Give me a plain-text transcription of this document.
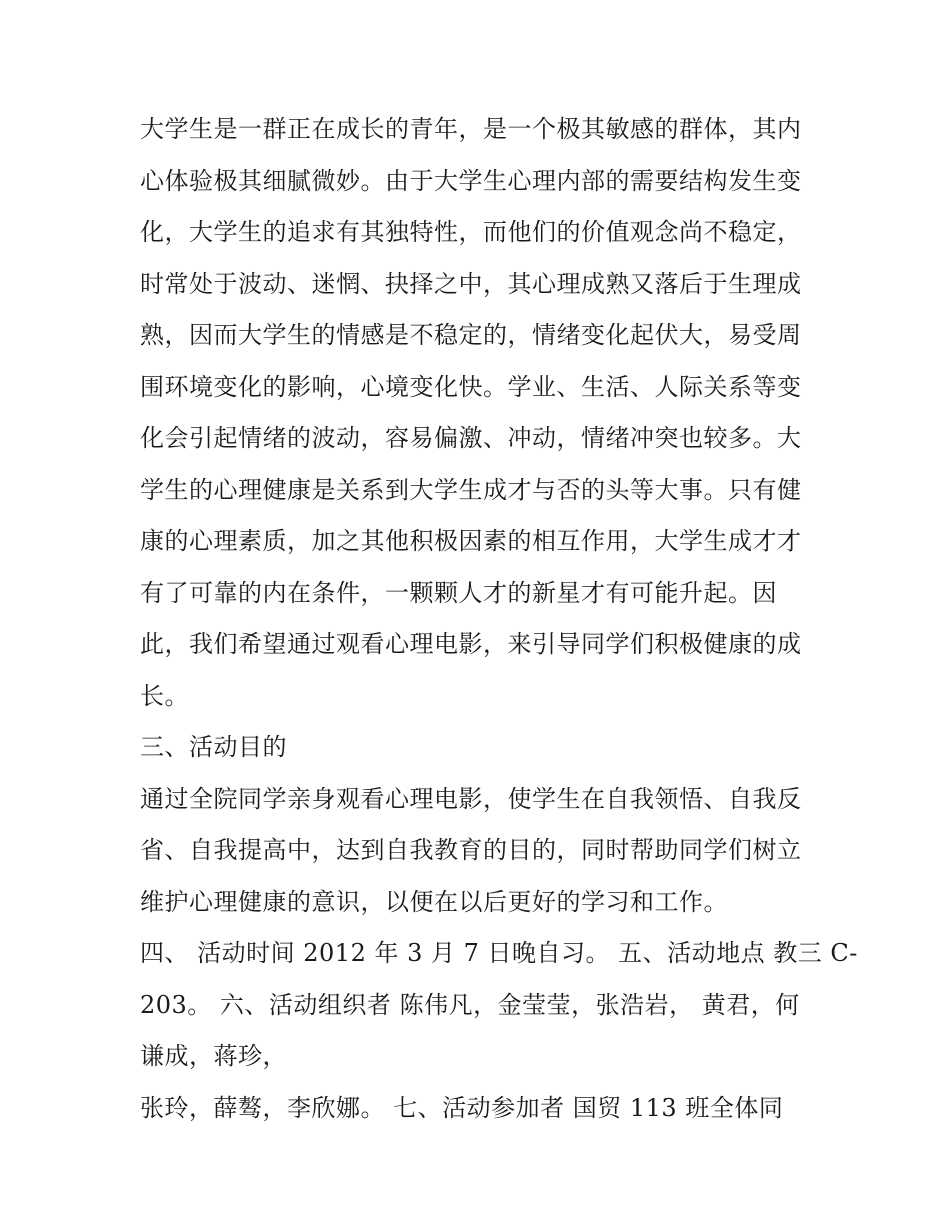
大学生是一群正在成长的青年，是一个极其敏感的群体，其内
心体验极其细腻微妙。由于大学生心理内部的需要结构发生变
化，大学生的追求有其独特性，而他们的价值观念尚不稳定，
时常处于波动、迷惘、抉择之中，其心理成熟又落后于生理成
熟，因而大学生的情感是不稳定的，情绪变化起伏大，易受周
围环境变化的影响，心境变化快。学业、生活、人际关系等变
化会引起情绪的波动，容易偏激、冲动，情绪冲突也较多。大
学生的心理健康是关系到大学生成才与否的头等大事。只有健
康的心理素质，加之其他积极因素的相互作用，大学生成才才
有了可靠的内在条件，一颗颗人才的新星才有可能升起。因
此，我们希望通过观看心理电影，来引导同学们积极健康的成
长。
三、活动目的
通过全院同学亲身观看心理电影，使学生在自我领悟、自我反
省、自我提高中，达到自我教育的目的，同时帮助同学们树立
维护心理健康的意识，以便在以后更好的学习和工作。
四、 活动时间 2012 年 3 月 7 日晚自习。 五、活动地点 教三 C-
203。 六、活动组织者 陈伟凡，金莹莹，张浩岩， 黄君，何
谦成，蒋珍，
张玲，薛骜，李欣娜。 七、活动参加者 国贸 113 班全体同
